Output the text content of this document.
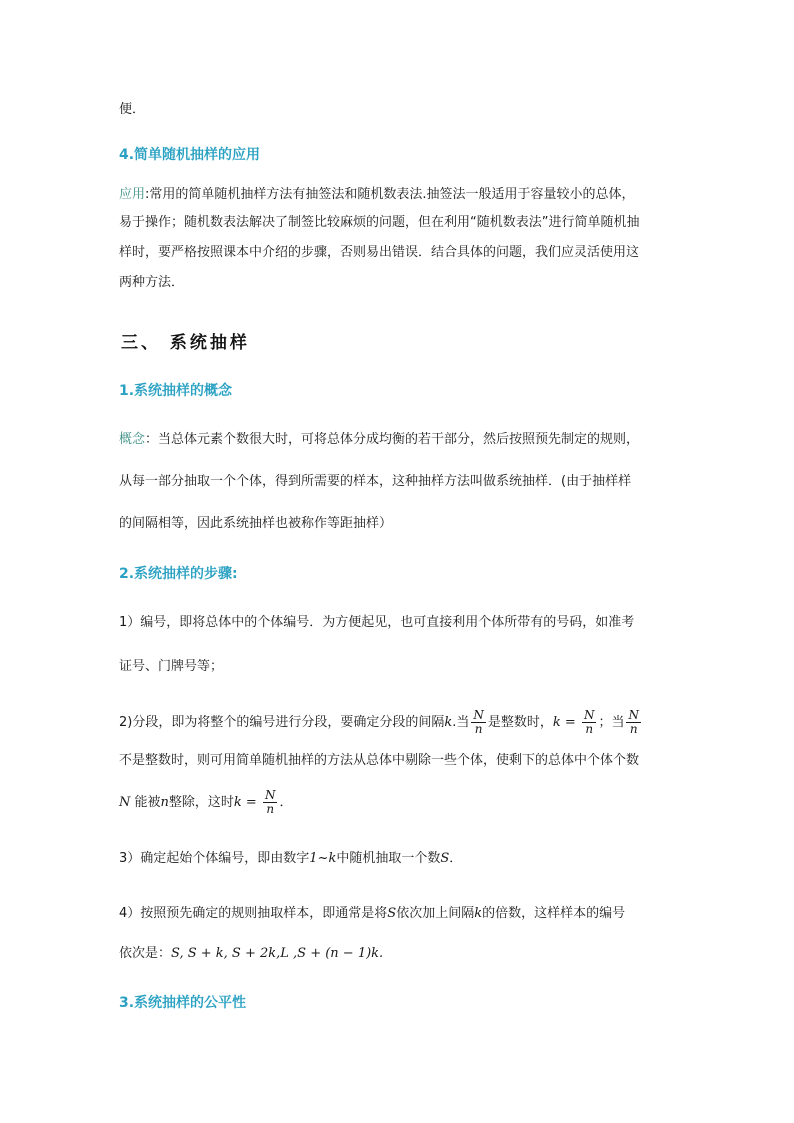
便．
4.简单随机抽样的应用
应用:常用的简单随机抽样方法有抽签法和随机数表法.抽签法一般适用于容量较小的总体，
易于操作；随机数表法解决了制签比较麻烦的问题，但在利用“随机数表法”进行简单随机抽
样时，要严格按照课本中介绍的步骤，否则易出错误．结合具体的问题，我们应灵活使用这
两种方法．
三、 系统抽样
1.系统抽样的概念
概念：当总体元素个数很大时，可将总体分成均衡的若干部分，然后按照预先制定的规则，
从每一部分抽取一个个体，得到所需要的样本，这种抽样方法叫做系统抽样．(由于抽样样
的间隔相等，因此系统抽样也被称作等距抽样）
2.系统抽样的步骤:
1）编号，即将总体中的个体编号．为方便起见，也可直接利用个体所带有的号码，如准考
证号、门牌号等；
2)分段，即为将整个的编号进行分段，要确定分段的间隔k.当 $\frac{N}{n}$ 是整数时，$k = \frac{N}{n}$ ；当 $\frac{N}{n}$
不是整数时，则可用简单随机抽样的方法从总体中剔除一些个体，使剩下的总体中个体个数
N 能被n整除，这时$k = \frac{N}{n}$ ．
3）确定起始个体编号，即由数字1~k中随机抽取一个数S．
4）按照预先确定的规则抽取样本，即通常是将S依次加上间隔k的倍数，这样样本的编号
依次是：S, S + k, S + 2k,L ,S + (n − 1)k.
3.系统抽样的公平性
